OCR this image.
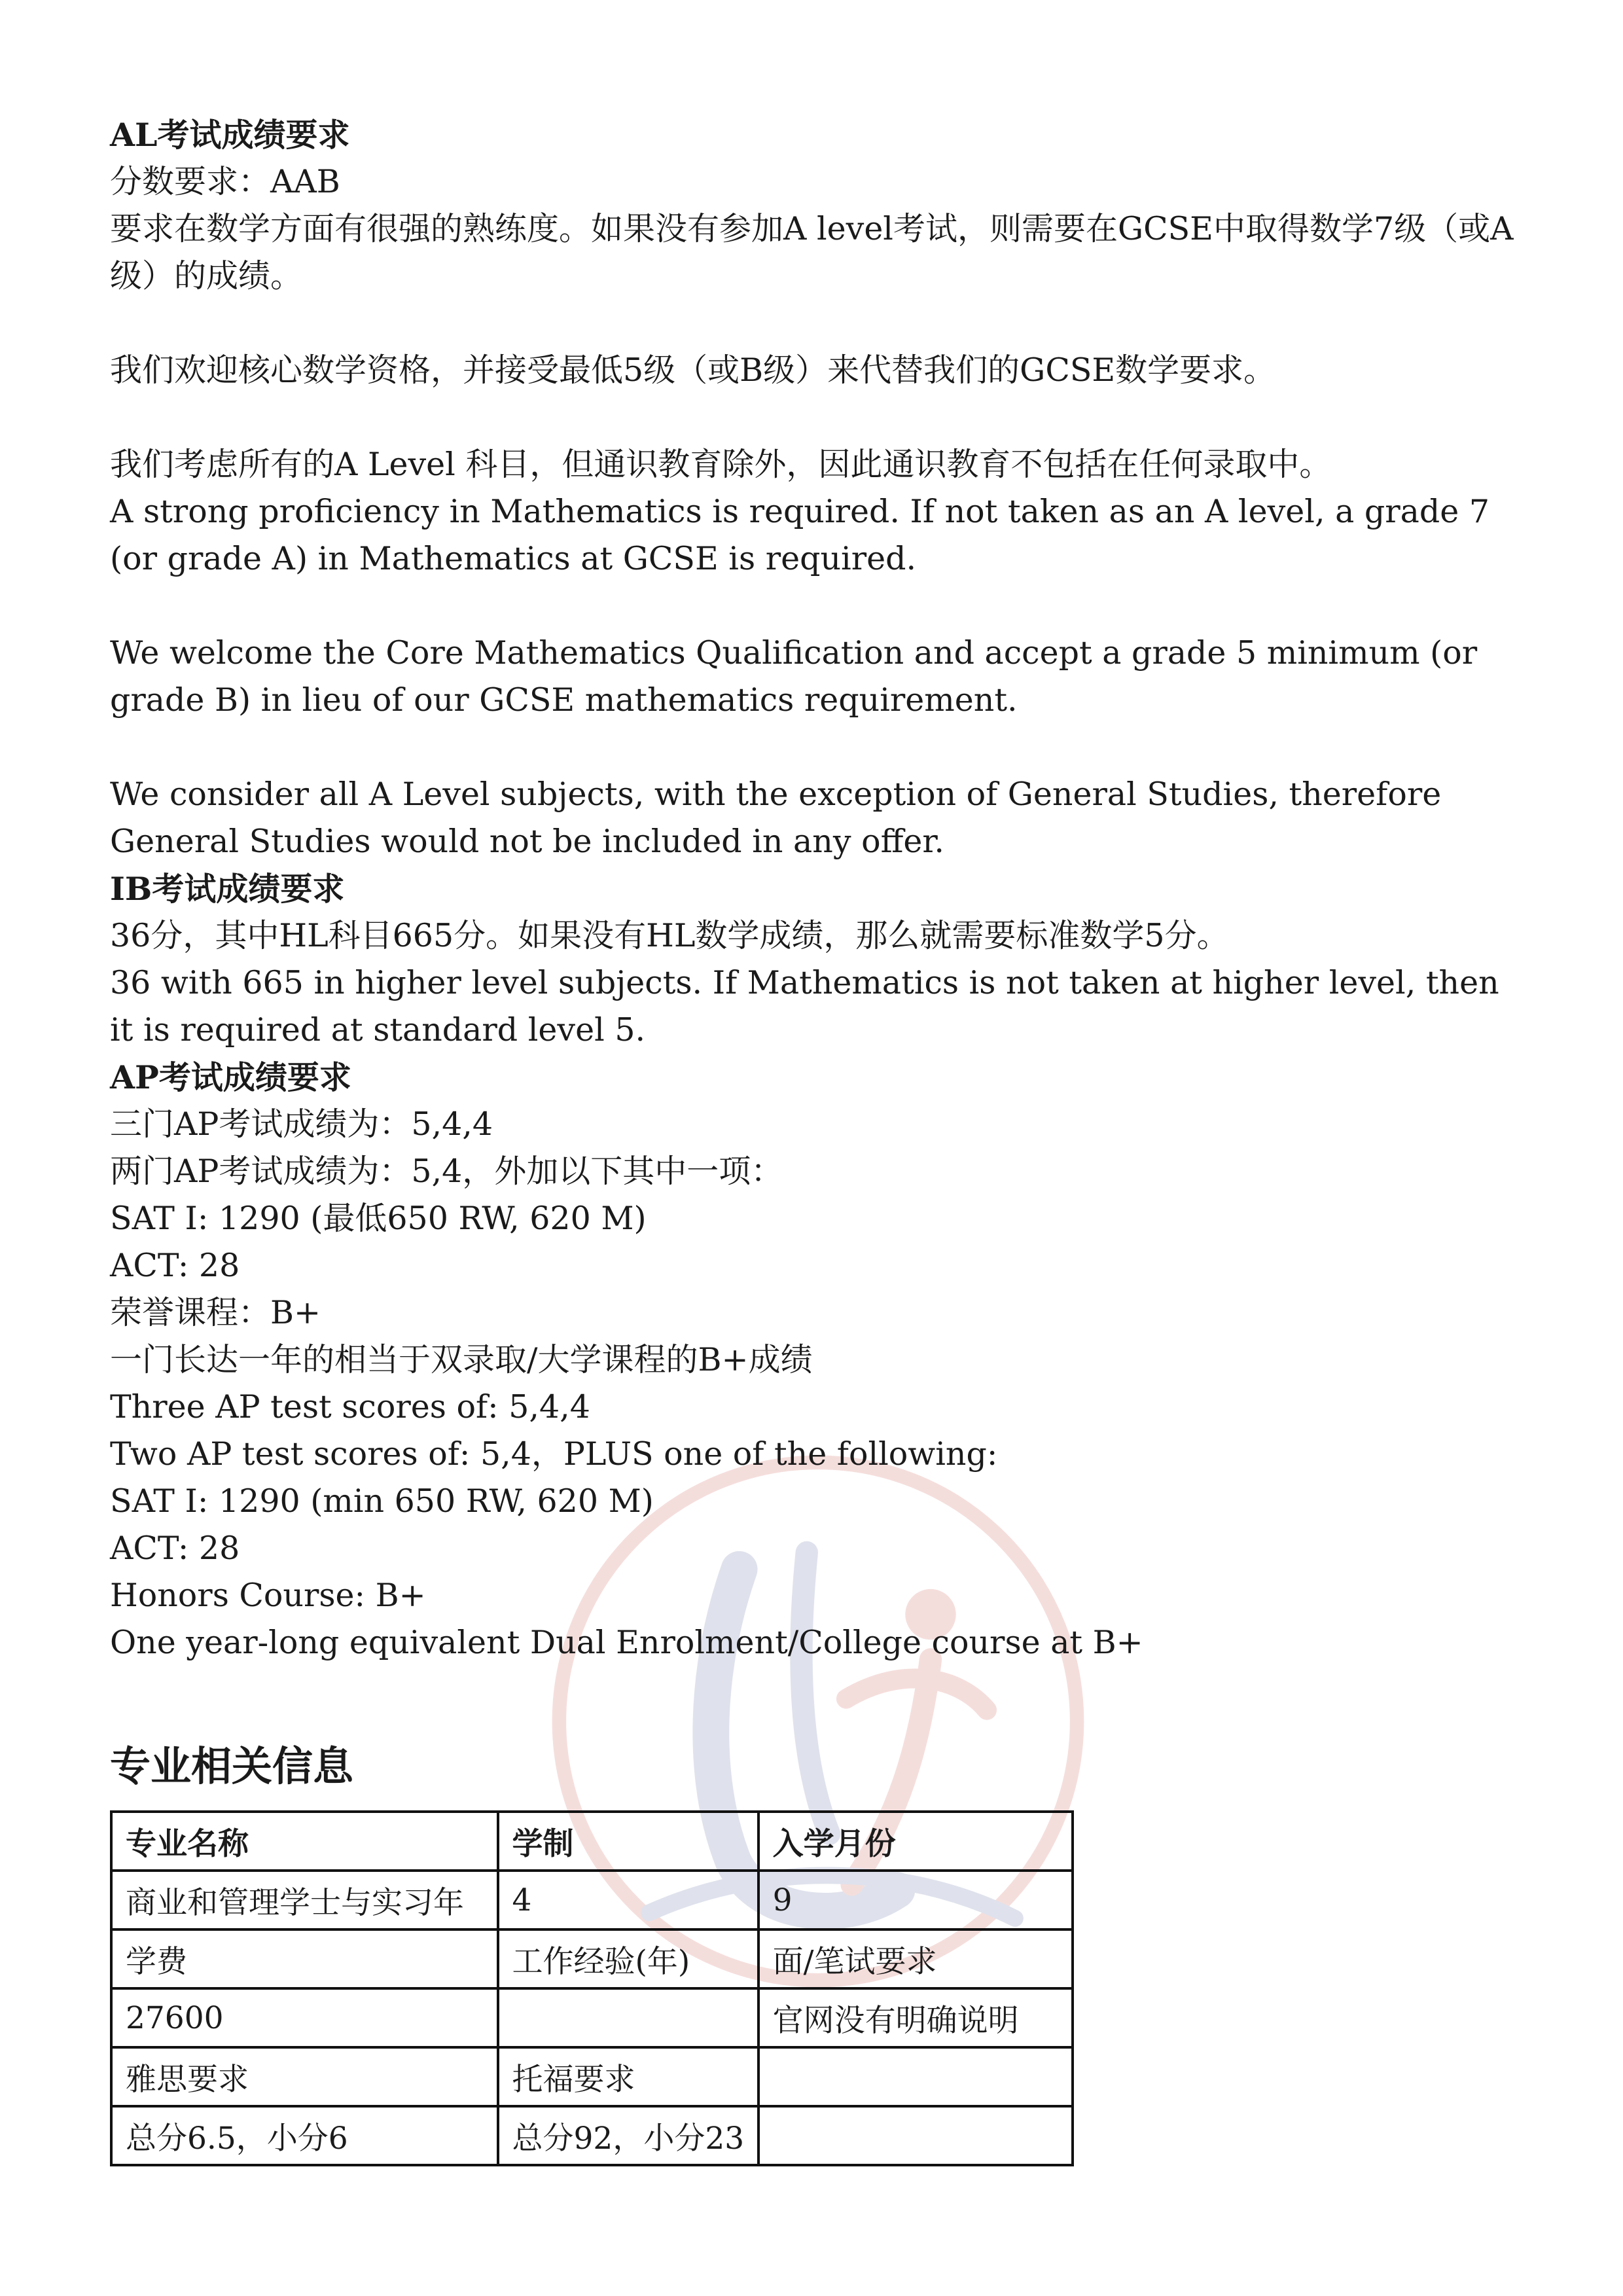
AL考试成绩要求
分数要求：AAB
要求在数学方面有很强的熟练度。如果没有参加A level考试，则需要在GCSE中取得数学7级（或A级）的成绩。
我们欢迎核心数学资格，并接受最低5级（或B级）来代替我们的GCSE数学要求。
我们考虑所有的A Level 科目，但通识教育除外，因此通识教育不包括在任何录取中。
A strong proficiency in Mathematics is required. If not taken as an A level, a grade 7 (or grade A) in Mathematics at GCSE is required.
We welcome the Core Mathematics Qualification and accept a grade 5 minimum (or grade B) in lieu of our GCSE mathematics requirement.
We consider all A Level subjects, with the exception of General Studies, therefore General Studies would not be included in any offer.
IB考试成绩要求
36分，其中HL科目665分。如果没有HL数学成绩，那么就需要标准数学5分。
36 with 665 in higher level subjects. If Mathematics is not taken at higher level, then it is required at standard level 5.
AP考试成绩要求
三门AP考试成绩为：5,4,4
两门AP考试成绩为：5,4，外加以下其中一项：
SAT I: 1290 (最低650 RW, 620 M)
ACT: 28
荣誉课程：B+
一门长达一年的相当于双录取/大学课程的B+成绩
Three AP test scores of: 5,4,4
Two AP test scores of: 5,4，PLUS one of the following:
SAT I: 1290 (min 650 RW, 620 M)
ACT: 28
Honors Course: B+
One year-long equivalent Dual Enrolment/College course at B+
专业相关信息
专业名称	学制	入学月份
商业和管理学士与实习年	4	9
学费	工作经验(年)	面/笔试要求
27600		官网没有明确说明
雅思要求	托福要求	
总分6.5，小分6	总分92，小分23	
